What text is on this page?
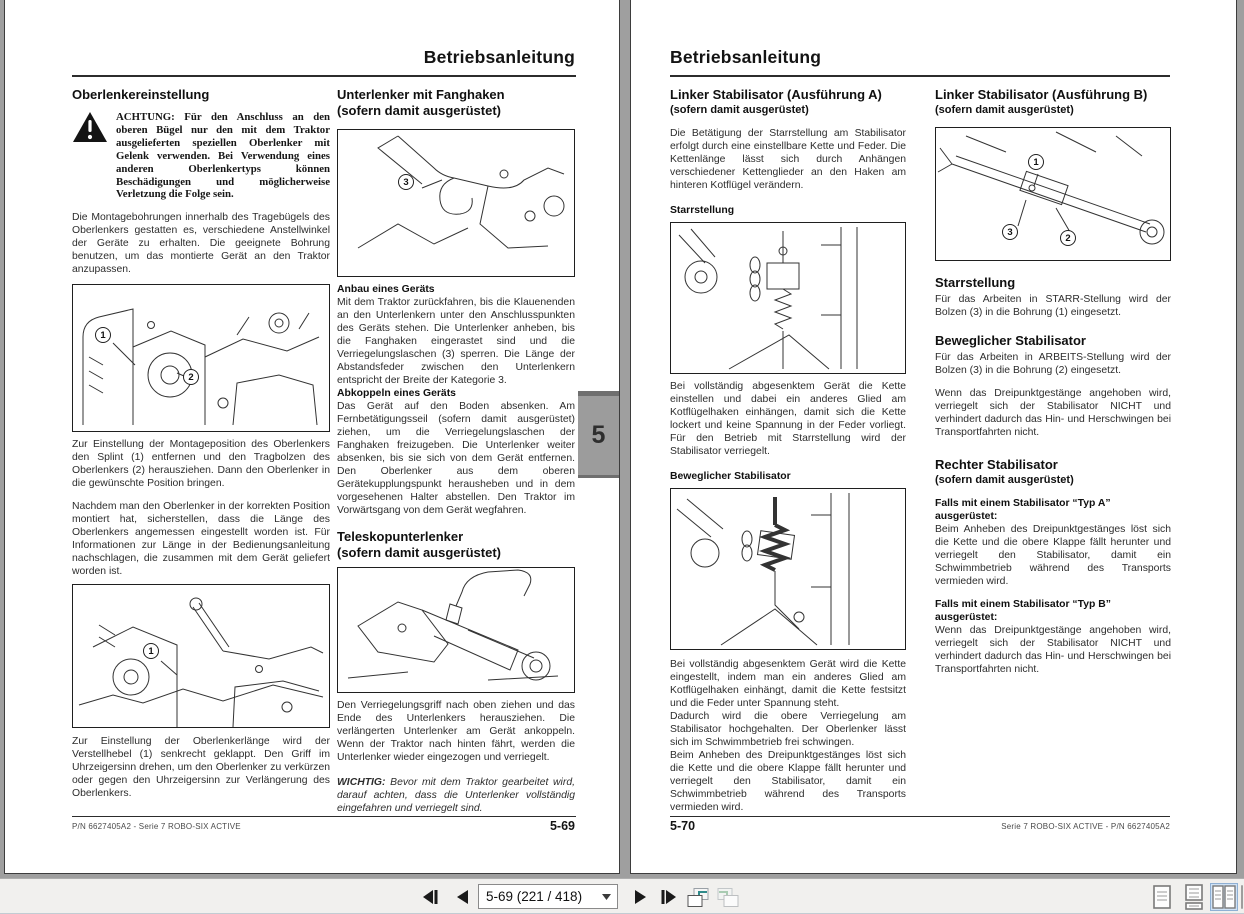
Betriebsanleitung
Oberlenkereinstellung
ACHTUNG: Für den Anschluss an den oberen Bügel nur den mit dem Traktor ausgelieferten speziellen Oberlenker mit Gelenk verwenden. Bei Verwendung eines anderen Oberlenkertyps können Beschädigungen und möglicherweise Verletzung die Folge sein.
Die Montagebohrungen innerhalb des Tragebügels des Oberlenkers gestatten es, verschiedene Anstellwinkel der Geräte zu erhalten. Die geeignete Bohrung benutzen, um das montierte Gerät an den Traktor anzupassen.
1
2
Zur Einstellung der Montageposition des Oberlenkers den Splint (1) entfernen und den Tragbolzen des Oberlenkers (2) herausziehen. Dann den Oberlenker in die gewünschte Position bringen.
Nachdem man den Oberlenker in der korrekten Position montiert hat, sicherstellen, dass die Länge des Oberlenkers angemessen eingestellt worden ist. Für Informationen zur Länge in der Bedienungsanleitung nachschlagen, die zusammen mit dem Gerät geliefert worden ist.
1
Zur Einstellung der Oberlenkerlänge wird der Verstellhebel (1) senkrecht geklappt. Den Griff im Uhrzeigersinn drehen, um den Oberlenker zu verkürzen oder gegen den Uhrzeigersinn zur Verlängerung des Oberlenkers.
Unterlenker mit Fanghaken
(sofern damit ausgerüstet)
3
Anbau eines Geräts
Mit dem Traktor zurückfahren, bis die Klauenenden an den Unterlenkern unter den Anschlusspunkten des Geräts stehen. Die Unterlenker anheben, bis die Fanghaken eingerastet sind und die Verriegelungslaschen (3) sperren. Die Länge der Abstandsfeder zwischen den Unterlenkern entspricht der Breite der Kategorie 3.
Abkoppeln eines Geräts
Das Gerät auf den Boden absenken. Am Fernbetätigungsseil (sofern damit ausgerüstet) ziehen, um die Verriegelungslaschen der Fanghaken freizugeben. Die Unterlenker weiter absenken, bis sie sich von dem Gerät entfernen. Den Oberlenker aus dem oberen Gerätekupplungspunkt herausheben und in dem vorgesehenen Halter abstellen. Den Traktor im Vorwärtsgang von dem Gerät wegfahren.
Teleskopunterlenker
(sofern damit ausgerüstet)
Den Verriegelungsgriff nach oben ziehen und das Ende des Unterlenkers herausziehen. Die verlängerten Unterlenker am Gerät ankoppeln. Wenn der Traktor nach hinten fährt, werden die Unterlenker wieder eingezogen und verriegelt.
WICHTIG: Bevor mit dem Traktor gearbeitet wird, darauf achten, dass die Unterlenker vollständig eingefahren und verriegelt sind.
5
P/N 6627405A2 - Serie 7 ROBO-SIX ACTIVE	5-69
Betriebsanleitung
Linker Stabilisator (Ausführung A)
(sofern damit ausgerüstet)
Die Betätigung der Starrstellung am Stabilisator erfolgt durch eine einstellbare Kette und Feder. Die Kettenlänge lässt sich durch Anhängen verschiedener Kettenglieder an den Haken am hinteren Kotflügel verändern.
Starrstellung
Bei vollständig abgesenktem Gerät die Kette einstellen und dabei ein anderes Glied am Kotflügelhaken einhängen, damit sich die Kette lockert und keine Spannung in der Feder vorliegt. Für den Betrieb mit Starrstellung wird der Stabilisator verriegelt.
Beweglicher Stabilisator
Bei vollständig abgesenktem Gerät wird die Kette eingestellt, indem man ein anderes Glied am Kotflügelhaken einhängt, damit die Kette festsitzt und die Feder unter Spannung steht.
Dadurch wird die obere Verriegelung am Stabilisator hochgehalten. Der Oberlenker lässt sich im Schwimmbetrieb frei schwingen.
Beim Anheben des Dreipunktgestänges löst sich die Kette und die obere Klappe fällt herunter und verriegelt den Stabilisator, damit ein Schwimmbetrieb während des Transports vermieden wird.
Linker Stabilisator (Ausführung B)
(sofern damit ausgerüstet)
1
3
2
Starrstellung
Für das Arbeiten in STARR-Stellung wird der Bolzen (3) in die Bohrung (1) eingesetzt.
Beweglicher Stabilisator
Für das Arbeiten in ARBEITS-Stellung wird der Bolzen (3) in die Bohrung (2) eingesetzt.
Wenn das Dreipunktgestänge angehoben wird, verriegelt sich der Stabilisator NICHT und verhindert dadurch das Hin- und Herschwingen bei Transportfahrten nicht.
Rechter Stabilisator
(sofern damit ausgerüstet)
Falls mit einem Stabilisator “Typ A” ausgerüstet:
Beim Anheben des Dreipunktgestänges löst sich die Kette und die obere Klappe fällt herunter und verriegelt den Stabilisator, damit ein Schwimmbetrieb während des Transports vermieden wird.
Falls mit einem Stabilisator “Typ B” ausgerüstet:
Wenn das Dreipunktgestänge angehoben wird, verriegelt sich der Stabilisator NICHT und verhindert dadurch das Hin- und Herschwingen bei Transportfahrten nicht.
5-70	Serie 7 ROBO-SIX ACTIVE - P/N 6627405A2
5-69 (221 / 418)
